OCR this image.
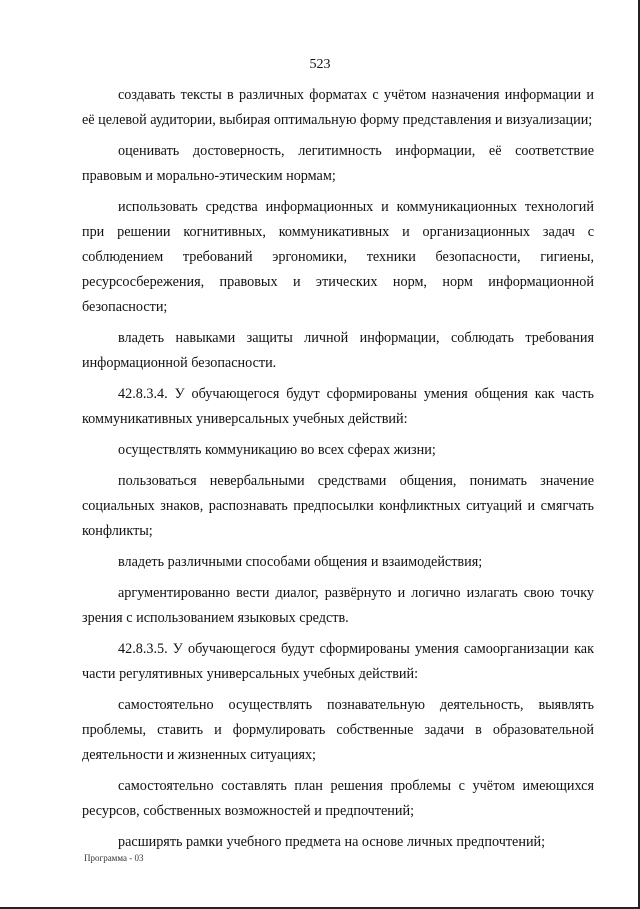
523

создавать тексты в различных форматах с учётом назначения информации и её целевой аудитории, выбирая оптимальную форму представления и визуализации;

оценивать достоверность, легитимность информации, её соответствие правовым и морально-этическим нормам;

использовать средства информационных и коммуникационных технологий при решении когнитивных, коммуникативных и организационных задач с соблюдением требований эргономики, техники безопасности, гигиены, ресурсосбережения, правовых и этических норм, норм информационной безопасности;

владеть навыками защиты личной информации, соблюдать требования информационной безопасности.

42.8.3.4. У обучающегося будут сформированы умения общения как часть коммуникативных универсальных учебных действий:

осуществлять коммуникацию во всех сферах жизни;

пользоваться невербальными средствами общения, понимать значение социальных знаков, распознавать предпосылки конфликтных ситуаций и смягчать конфликты;

владеть различными способами общения и взаимодействия;

аргументированно вести диалог, развёрнуто и логично излагать свою точку зрения с использованием языковых средств.

42.8.3.5. У обучающегося будут сформированы умения самоорганизации как части регулятивных универсальных учебных действий:

самостоятельно осуществлять познавательную деятельность, выявлять проблемы, ставить и формулировать собственные задачи в образовательной деятельности и жизненных ситуациях;

самостоятельно составлять план решения проблемы с учётом имеющихся ресурсов, собственных возможностей и предпочтений;

расширять рамки учебного предмета на основе личных предпочтений;

Программа - 03
